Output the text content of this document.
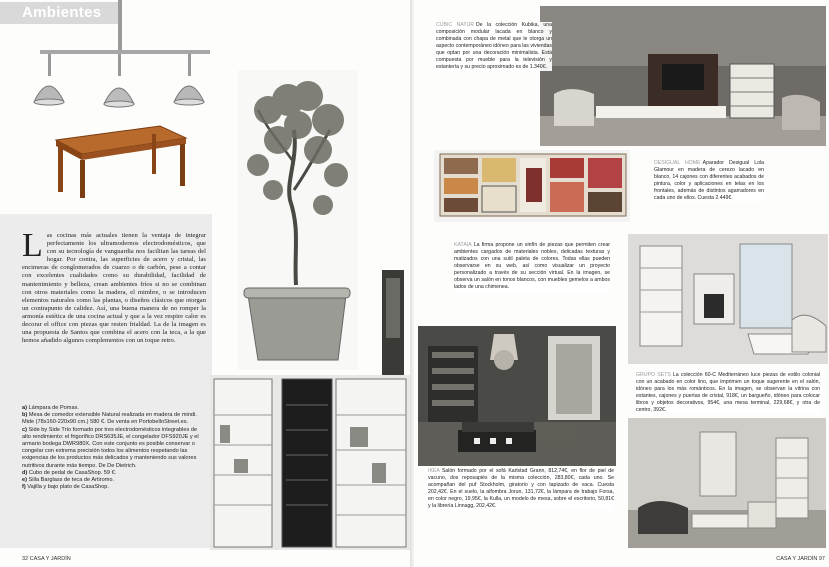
Ambientes
Las cocinas más actuales tienen la ventaja de integrar perfectamente los ultramodernos electrodomésticos, que con su tecnología de vanguardia nos facilitan las tareas del hogar. Por contra, las superficies de acero y cristal, las encimeras de conglomerados de cuarzo o de carbón, pese a contar con excelentes cualidades como su durabilidad, facilidad de mantenimiento y belleza, crean ambientes fríos si no se combinan con otros materiales como la madera, el mimbre, o se introducen elementos naturales como las plantas, o diseños clásicos que otorgan un contrapunto de calidez. Así, una buena manera de no romper la armonía estética de una cocina actual y que a la vez respire calor es decorar el office con piezas que resten frialdad. La de la imagen es una propuesta de Santos que combina el acero con la teca, a la que hemos añadido algunos complementos con un toque retro.

a) Lámpara de Pomax.

b) Mesa de comedor extensible Natural realizada en madera de mindi. Mide (78x160-220x90 cm.) 580 €. De venta en PortobelloStreet.es.

c) Side by Side Trío formado por tres electrodomésticos integrables de alto rendimiento: el frigorífico DRS635JE, el congelador DFS920JE y el armario bodega DWR980X. Con este conjunto es posible conservar o congelar con extrema precisión todos los alimentos respetando las exigencias de los productos más delicados y manteniendo sus valores nutritivos durante más tiempo. De De Dietrich.

d) Cubo de pedal de CasaShop. 59 €.

e) Silla Barglass de teca de Artiromo.

f) Vajilla y bajo plato de CasaShop.

32 CASA Y JARDÍN
CUBIC NATUR De la colección Kubika, una composición modular lacada en blanco y combinada con chapa de metal que le otorga un aspecto contemporáneo idóneo para las viviendas que optan por una decoración minimalista. Está compuesta por mueble para la televisión y estantería y su precio aproximado es de 1.340€.
DESIGUAL HOME Aparador Desigual Lola Glamour en madera de cerezo lacado en blanco, 14 cajones con diferentes acabados de pintura, color y aplicaciones en telas en los frontales, además de distintos agarradores en cada uno de ellos. Cuesta 2.449€.
KATAIA La firma propone un sinfín de piezas que permiten crear ambientes cargados de materiales nobles, delicadas texturas y matizados con una sutil paleta de colores. Todas ellas pueden observarse en su web, así como visualizar un proyecto personalizado a través de su sección virtual. En la imagen, se observa un salón en tonos blancos, con muebles gemelos a ambos lados de una chimenea.
GRUPO SETS La colección 60-C Mediterráneo luce piezas de estilo colonial con un acabado en color lino, que imprimen un toque sugerente en el salón, idóneo para los más románticos. En la imagen, se observan la vitrina con estantes, cajones y puertas de cristal, 918€, un bargueño, idóneo para colocar libros y objetos decorativos, 954€, una mesa terminal, 229,68€, y otra de centro, 392€.
IKEA Salón formado por el sofá Karlstad Grann, 812,74€, en flor de piel de vacuno, dos reposapiés de la misma colección, 283,80€, cada uno. Se acompañan del puf Stockholm, giratorio y con tapizado de vaca. Cuesta 202,42€. En el suelo, la alfombra Jorun, 131,72€, la lámpara de trabajo Forsa, en color negro, 19,95€, la Kulla, un modelo de mesa, sobre el escritorio, 50,81€ y la librería Linnagg, 202,42€.
CASA Y JARDÍN 97
